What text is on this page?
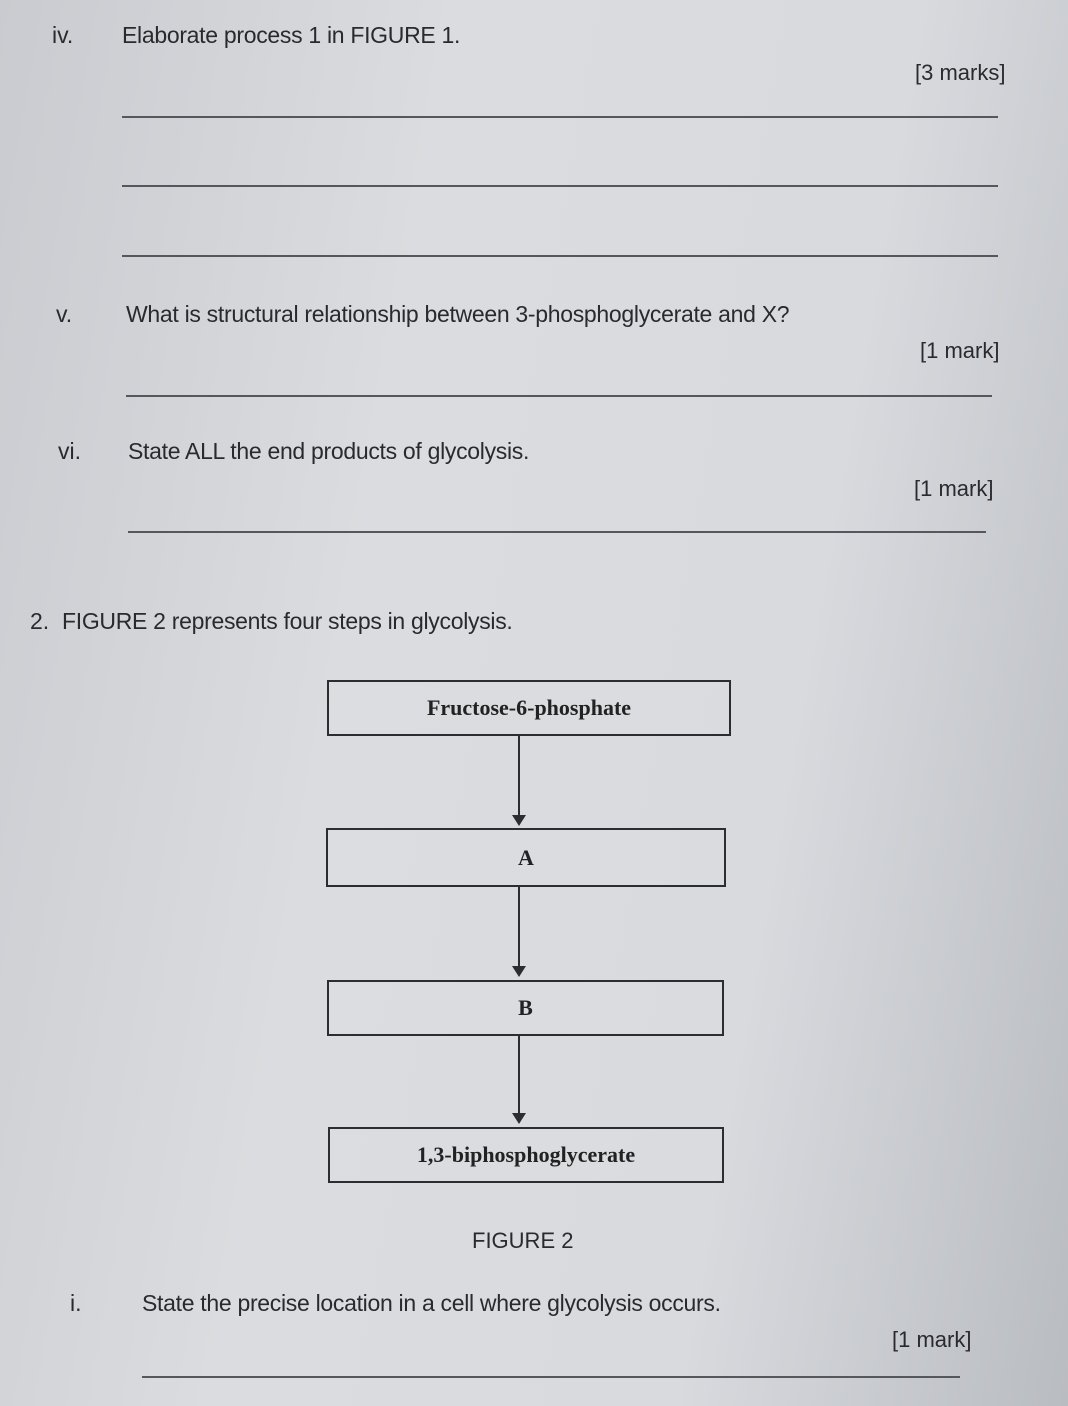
iv. Elaborate process 1 in FIGURE 1.
[3 marks]
v. What is structural relationship between 3-phosphoglycerate and X?
[1 mark]
vi. State ALL the end products of glycolysis.
[1 mark]
2. FIGURE 2 represents four steps in glycolysis.
Fructose-6-phosphate
A
B
1,3-biphosphoglycerate
FIGURE 2
i.	State the precise location in a cell where glycolysis occurs.
[1 mark]
